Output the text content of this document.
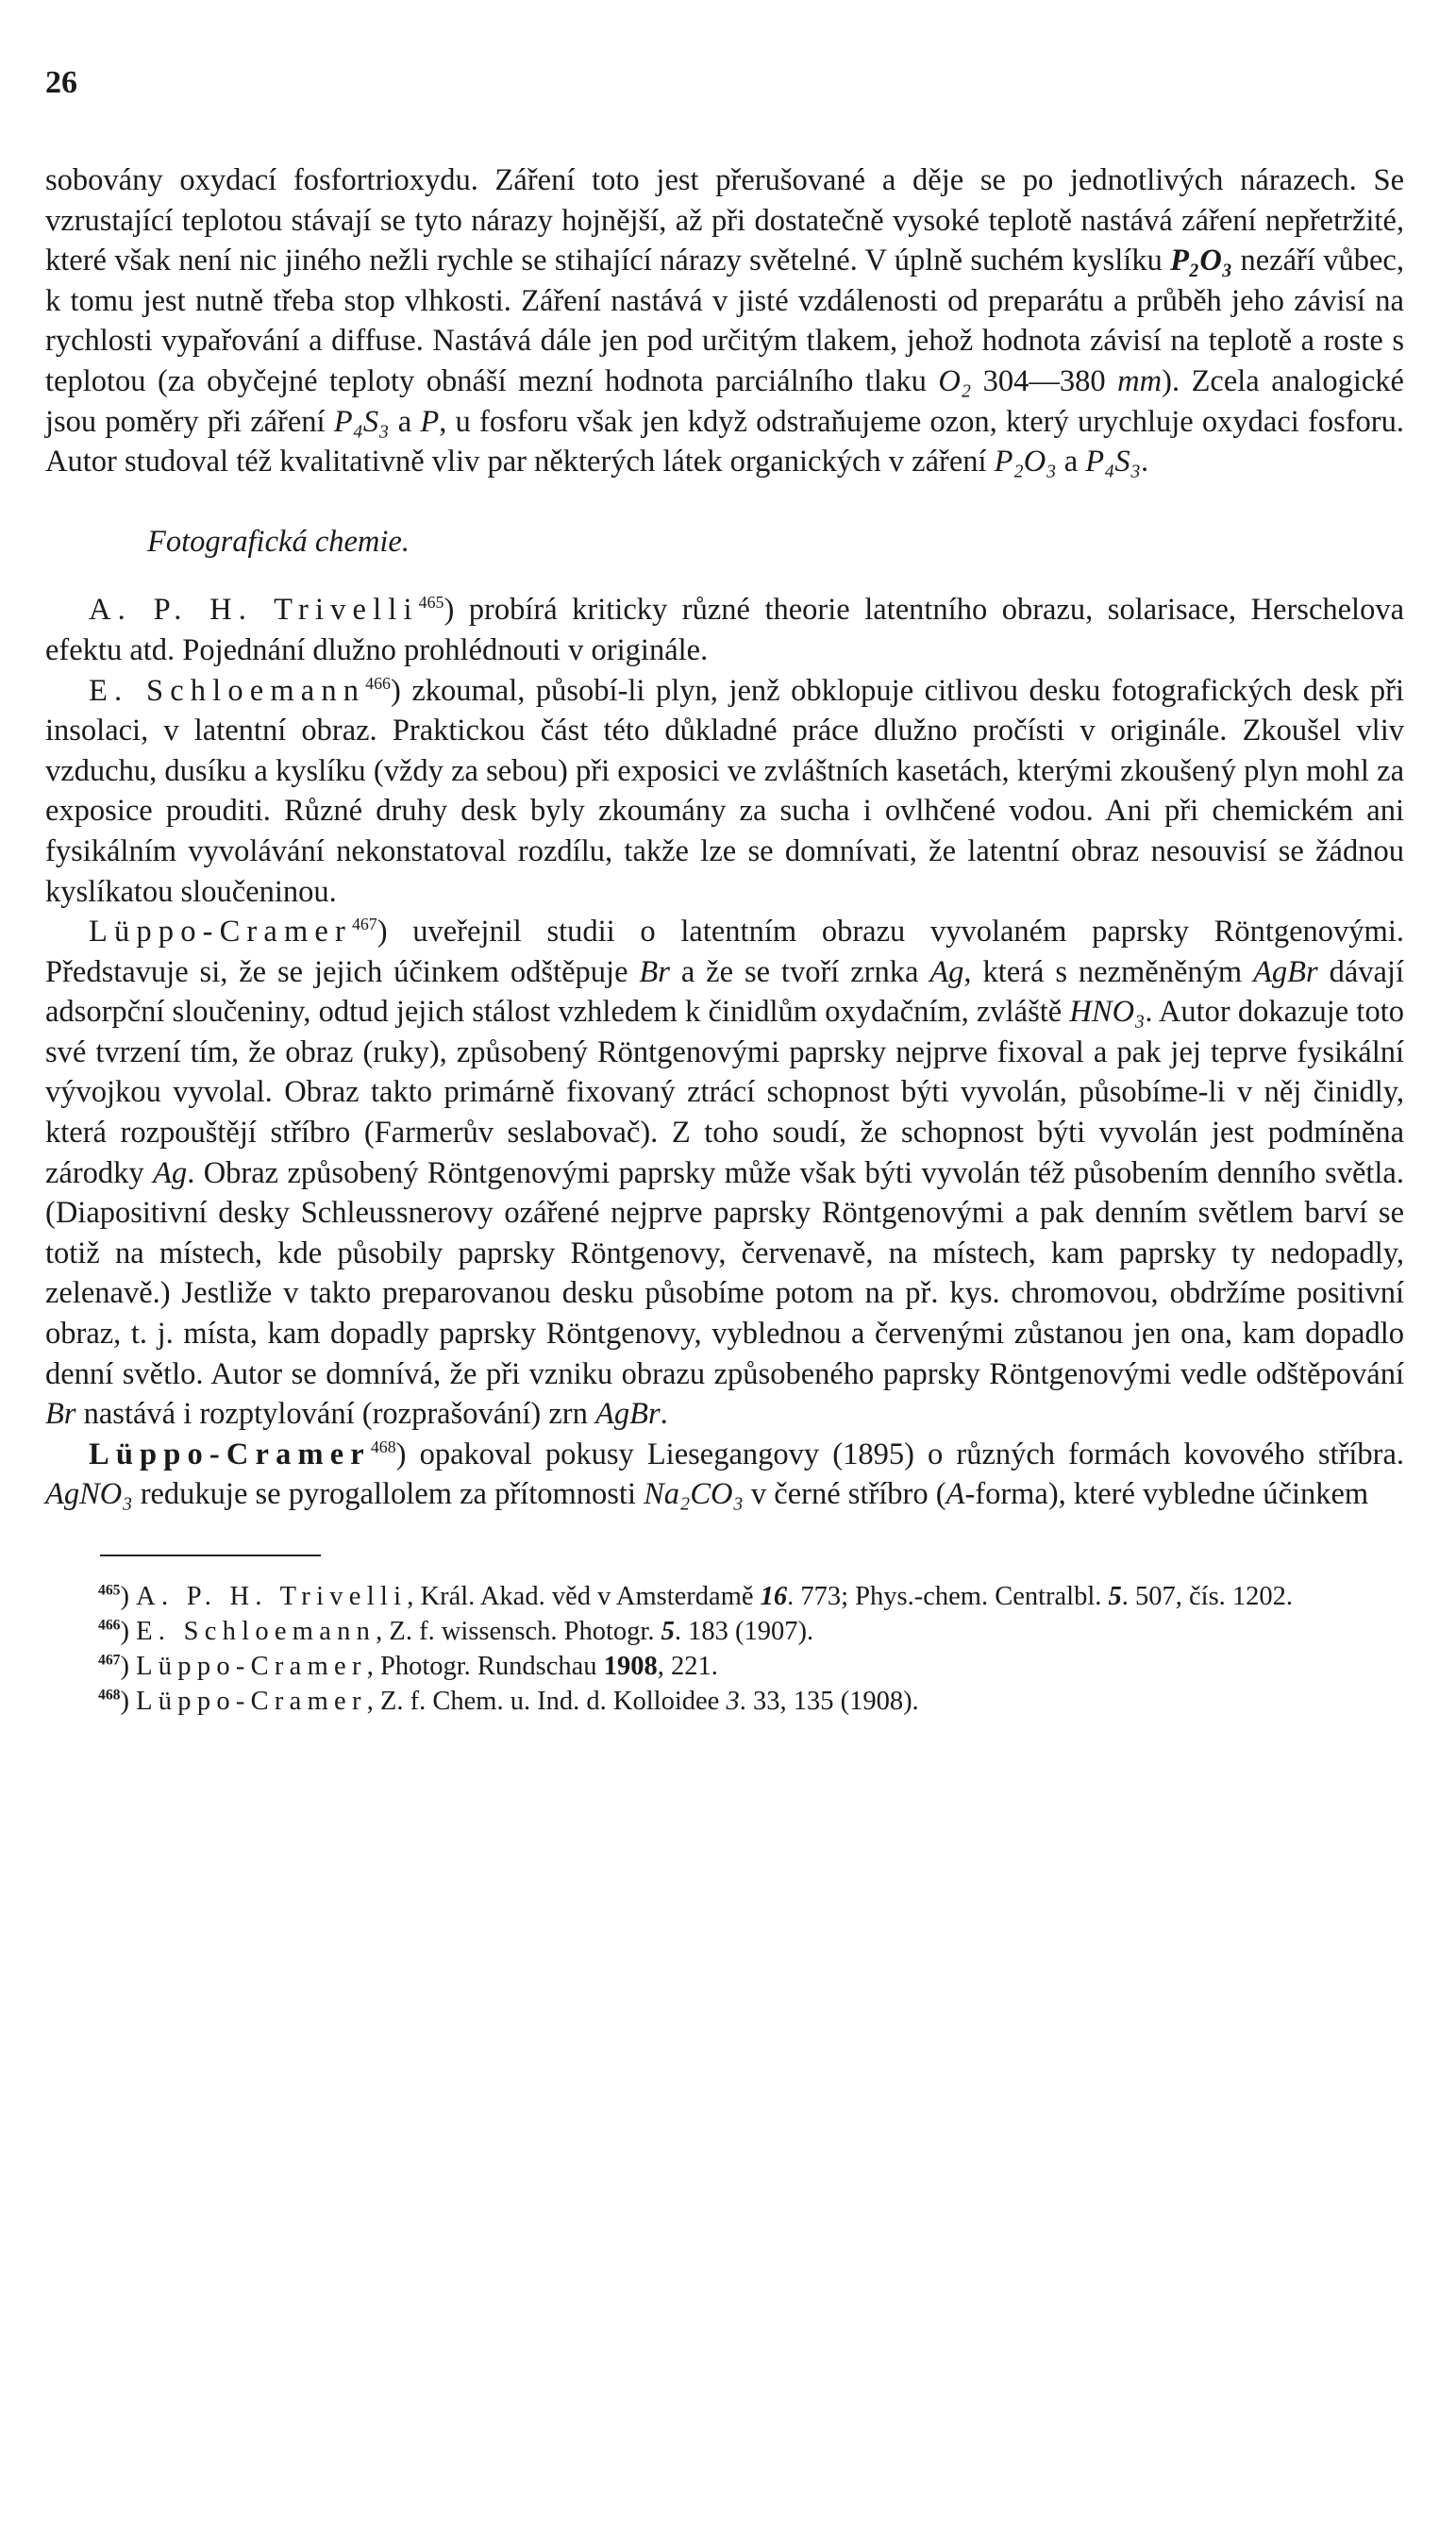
26

sobovány oxydací fosfortrioxydu. Záření toto jest přerušované a děje se po jednotlivých nárazech. Se vzrustající teplotou stávají se tyto nárazy hojnější, až při dostatečně vysoké teplotě nastává záření nepřetržité, které však není nic jiného nežli rychle se stihající nárazy světelné. V úplně suchém kyslíku P₂O₃ nezáří vůbec, k tomu jest nutně třeba stop vlhkosti. Záření nastává v jisté vzdálenosti od preparátu a průběh jeho závisí na rychlosti vypařování a diffuse. Nastává dále jen pod určitým tlakem, jehož hodnota závisí na teplotě a roste s teplotou (za obyčejné teploty obnáší mezní hodnota parciálního tlaku O₂ 304—380 mm). Zcela analogické jsou poměry při záření P₄S₃ a P, u fosforu však jen když odstraňujeme ozon, který urychluje oxydaci fosforu. Autor studoval též kvalitativně vliv par některých látek organických v záření P₂O₃ a P₄S₃.

Fotografická chemie.

A. P. H. Trivelli$^{465}$) probírá kriticky různé theorie latentního obrazu, solarisace, Herschelova efektu atd. Pojednání dlužno prohlédnouti v originále.

E. Schloemann$^{466}$) zkoumal, působí-li plyn, jenž obklopuje citlivou desku fotografických desk při insolaci, v latentní obraz. Praktickou část této důkladné práce dlužno pročísti v originále. Zkoušel vliv vzduchu, dusíku a kyslíku (vždy za sebou) při exposici ve zvláštních kasetách, kterými zkoušený plyn mohl za exposice prouditi. Různé druhy desk byly zkoumány za sucha i ovlhčené vodou. Ani při chemickém ani fysikálním vyvolávání nekonstatoval rozdílu, takže lze se domnívati, že latentní obraz nesouvisí se žádnou kyslíkatou sloučeninou.

Lüppo-Cramer$^{467}$) uveřejnil studii o latentním obrazu vyvolaném paprsky Röntgenovými. Představuje si, že se jejich účinkem odštěpuje Br a že se tvoří zrnka Ag, která s nezměněným AgBr dávají adsorpční sloučeniny, odtud jejich stálost vzhledem k činidlům oxydačním, zvláště HNO₃. Autor dokazuje toto své tvrzení tím, že obraz (ruky), způsobený Röntgenovými paprsky nejprve fixoval a pak jej teprve fysikální vývojkou vyvolal. Obraz takto primárně fixovaný ztrácí schopnost býti vyvolán, působíme-li v něj činidly, která rozpouštějí stříbro (Farmerův seslabovač). Z toho soudí, že schopnost býti vyvolán jest podmíněna zárodky Ag. Obraz způsobený Röntgenovými paprsky může však býti vyvolán též působením denního světla. (Diapositivní desky Schleussnerovy ozářené nejprve paprsky Röntgenovými a pak denním světlem barví se totiž na místech, kde působily paprsky Röntgenovy, červenavě, na místech, kam paprsky ty nedopadly, zelenavě.) Jestliže v takto preparovanou desku působíme potom na př. kys. chromovou, obdržíme positivní obraz, t. j. místa, kam dopadly paprsky Röntgenovy, vyblednou a červenými zůstanou jen ona, kam dopadlo denní světlo. Autor se domnívá, že při vzniku obrazu způsobeného paprsky Röntgenovými vedle odštěpování Br nastává i rozptylování (rozprašování) zrn AgBr.

Lüppo-Cramer$^{468}$) opakoval pokusy Liesegangovy (1895) o různých formách kovového stříbra. AgNO₃ redukuje se pyrogallolem za přítomnosti Na₂CO₃ v černé stříbro (A-forma), které vybledne účinkem

$^{465}$) A. P. H. Trivelli, Král. Akad. věd v Amsterdamě 16. 773; Phys.-chem. Centralbl. 5. 507, čís. 1202.

$^{466}$) E. Schloemann, Z. f. wissensch. Photogr. 5. 183 (1907).

$^{467}$) Lüppo-Cramer, Photogr. Rundschau 1908, 221.

$^{468}$) Lüppo-Cramer, Z. f. Chem. u. Ind. d. Kolloidee 3. 33, 135 (1908).
